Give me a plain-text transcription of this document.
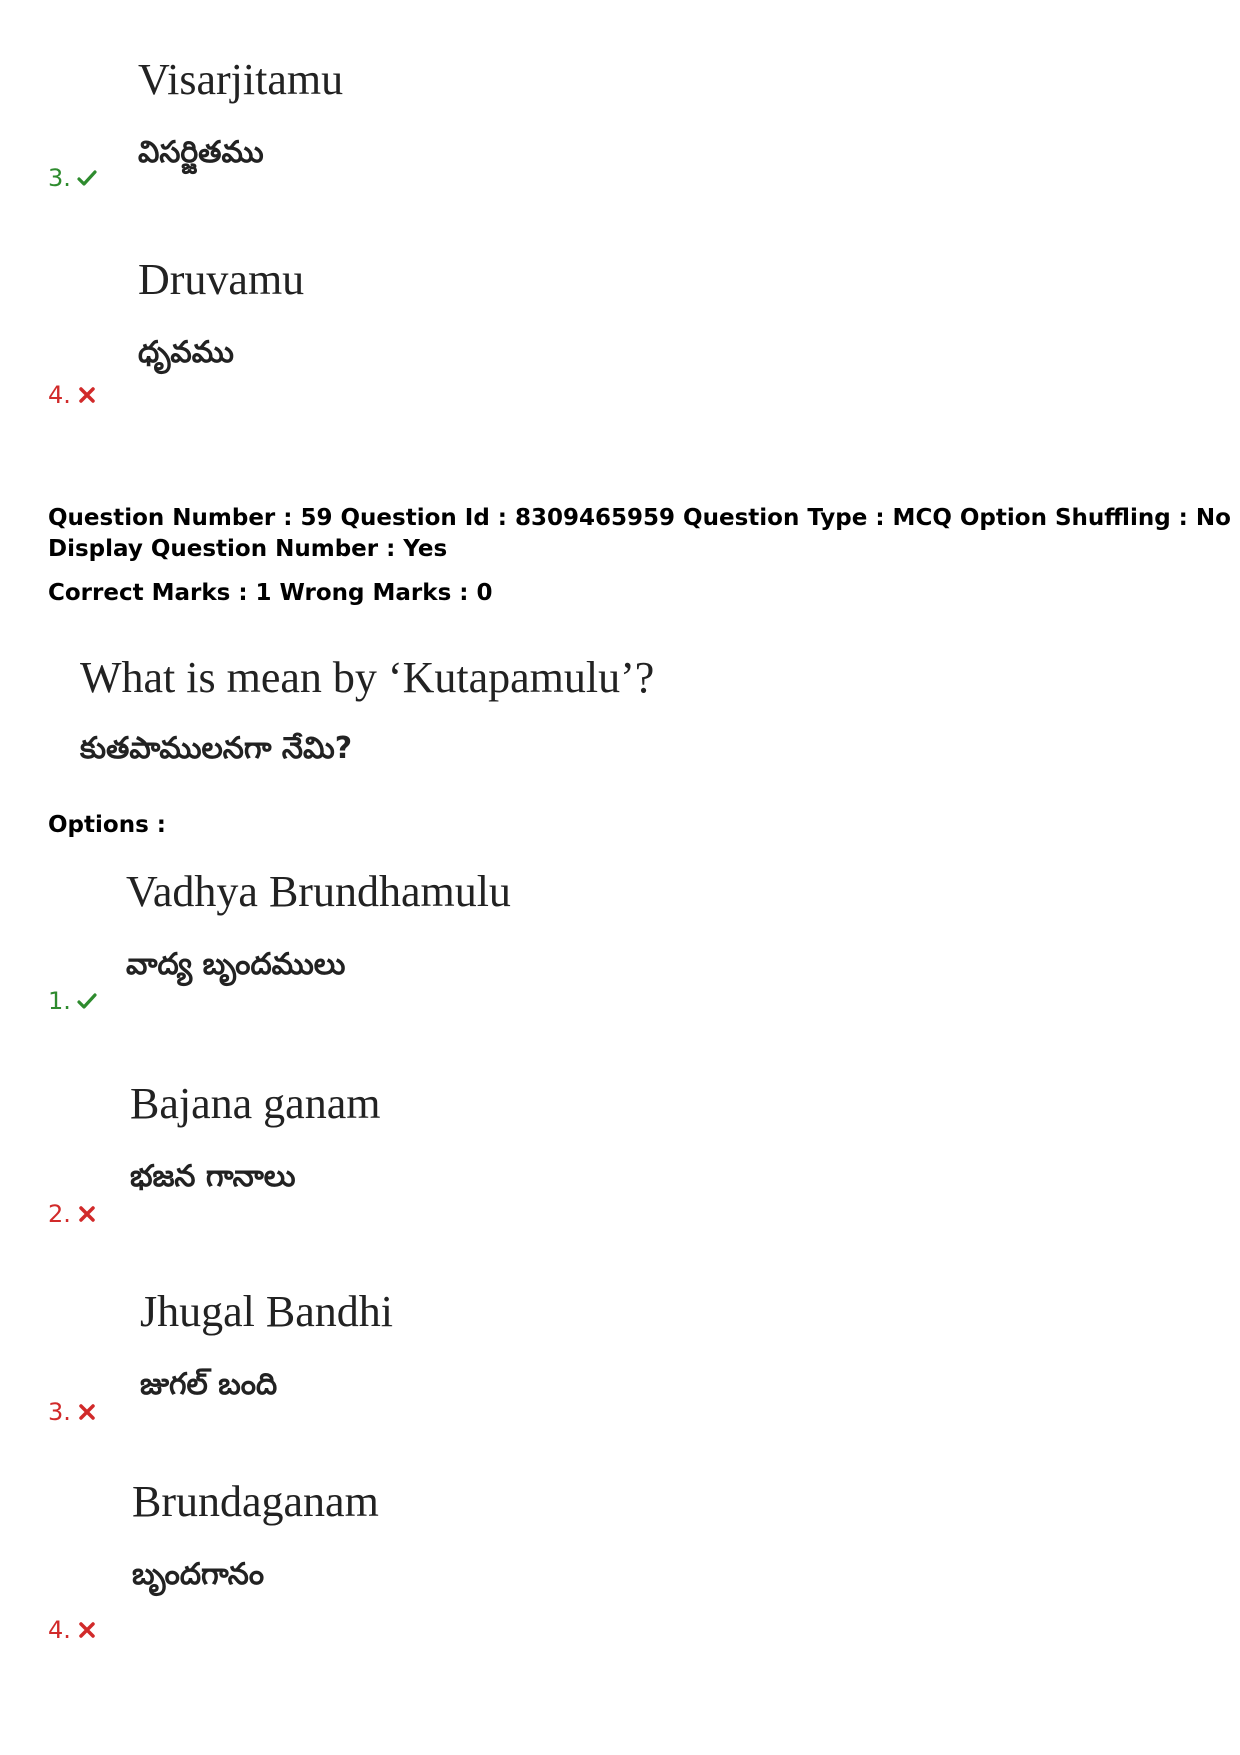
Visarjitamu
విసర్జితము
3.
Druvamu
ధృవము
4.
Question Number : 59 Question Id : 8309465959 Question Type : MCQ Option Shuffling : No
Display Question Number : Yes
Correct Marks : 1 Wrong Marks : 0
What is mean by ‘Kutapamulu’?
కుతపాములనగా నేమి?
Options :
Vadhya Brundhamulu
వాద్య బృందములు
1.
Bajana ganam
భజన గానాలు
2.
Jhugal Bandhi
జుగల్ బంది
3.
Brundaganam
బృందగానం
4.
